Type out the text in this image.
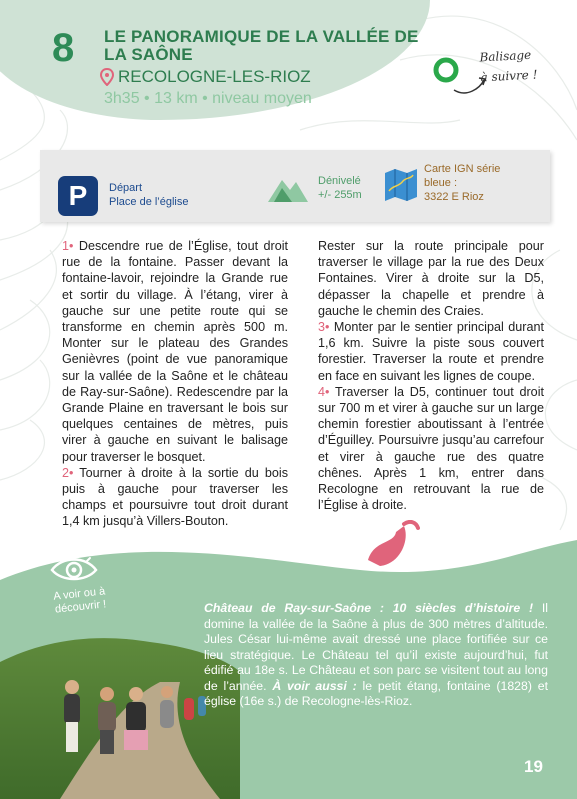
8 LE PANORAMIQUE DE LA VALLÉE DE LA SAÔNE
RECOLOGNE-LES-RIOZ
3h35 • 13 km • niveau moyen
Balisage
à suivre !
P	Départ
Place de l’église
Dénivelé
+/- 255m
Carte IGN série
bleue :
3322 E Rioz
1• Descendre rue de l’Église, tout droit rue de la fontaine. Passer devant la fontaine-lavoir, rejoindre la Grande rue et sortir du village. À l’étang, virer à gauche sur une petite route qui se transforme en chemin après 500 m. Monter sur le plateau des Grandes Genièvres (point de vue panoramique sur la vallée de la Saône et le château de Ray-sur-Saône). Redescendre par la Grande Plaine en traversant le bois sur quelques centaines de mètres, puis virer à gauche en suivant le balisage pour traverser le bosquet.
2• Tourner à droite à la sortie du bois puis à gauche pour traverser les champs et poursuivre tout droit durant 1,4 km jusqu’à Villers-Bouton.
Rester sur la route principale pour traverser le village par la rue des Deux Fontaines. Virer à droite sur la D5, dépasser la chapelle et prendre à gauche le chemin des Craies.
3• Monter par le sentier principal durant 1,6 km. Suivre la piste sous couvert forestier. Traverser la route et prendre en face en suivant les lignes de coupe.
4• Traverser la D5, continuer tout droit sur 700 m et virer à gauche sur un large chemin forestier aboutissant à l’entrée d’Éguilley. Poursuivre jusqu’au carrefour et virer à gauche rue des quatre chênes. Après 1 km, entrer dans Recologne en retrouvant la rue de l’Église à droite.
A voir ou à
découvrir !	Château de Ray-sur-Saône : 10 siècles d’histoire ! Il domine la vallée de la Saône à plus de 300 mètres d’altitude. Jules César lui-même avait dressé une place fortifiée sur ce lieu stratégique. Le Château tel qu’il existe aujourd’hui, fut édifié au 18e s. Le Château et son parc se visitent tout au long de l’année. À voir aussi : le petit étang, fontaine (1828) et église (16e s.) de Recologne-lès-Rioz.
19
